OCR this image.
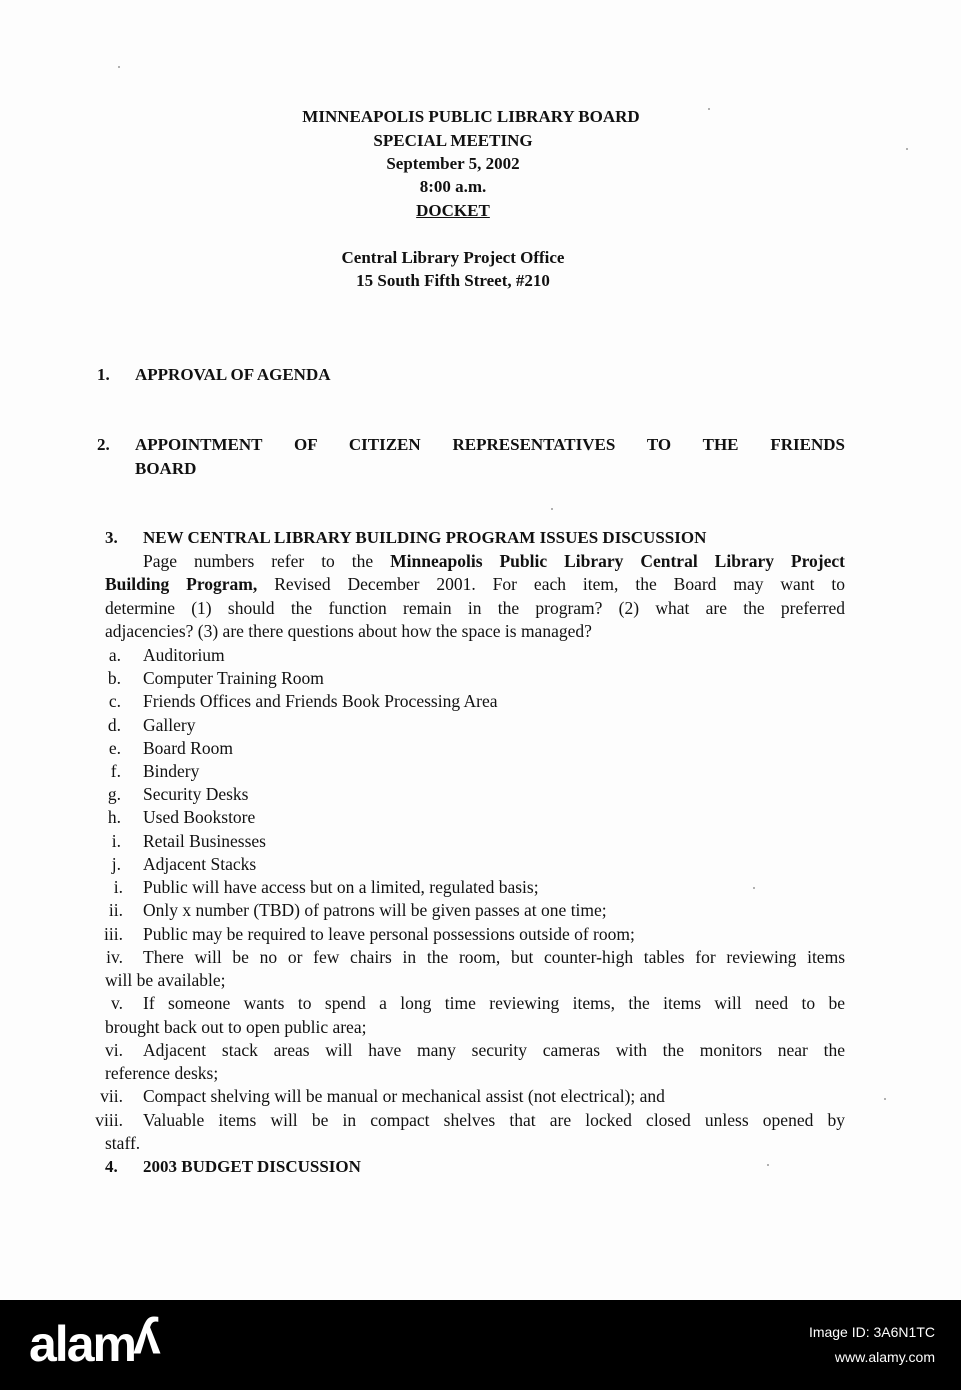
MINNEAPOLIS PUBLIC LIBRARY BOARD
SPECIAL MEETING
September 5, 2002
8:00 a.m.
DOCKET
Central Library Project Office
15 South Fifth Street, #210
1. APPROVAL OF AGENDA
2. APPOINTMENT OF CITIZEN REPRESENTATIVES TO THE FRIENDS
BOARD
3. NEW CENTRAL LIBRARY BUILDING PROGRAM ISSUES DISCUSSION
Page numbers refer to the Minneapolis Public Library Central Library Project
Building Program, Revised December 2001. For each item, the Board may want to
determine (1) should the function remain in the program? (2) what are the preferred
adjacencies? (3) are there questions about how the space is managed?
a. Auditorium
b. Computer Training Room
c. Friends Offices and Friends Book Processing Area
d. Gallery
e. Board Room
f. Bindery
g. Security Desks
h. Used Bookstore
i. Retail Businesses
j. Adjacent Stacks
i. Public will have access but on a limited, regulated basis;
ii. Only x number (TBD) of patrons will be given passes at one time;
iii. Public may be required to leave personal possessions outside of room;
iv. There will be no or few chairs in the room, but counter-high tables for reviewing items
will be available;
v. If someone wants to spend a long time reviewing items, the items will need to be
brought back out to open public area;
vi. Adjacent stack areas will have many security cameras with the monitors near the
reference desks;
vii. Compact shelving will be manual or mechanical assist (not electrical); and
viii. Valuable items will be in compact shelves that are locked closed unless opened by
staff.
4. 2003 BUDGET DISCUSSION
alamy	Image ID: 3A6N1TC
www.alamy.com
